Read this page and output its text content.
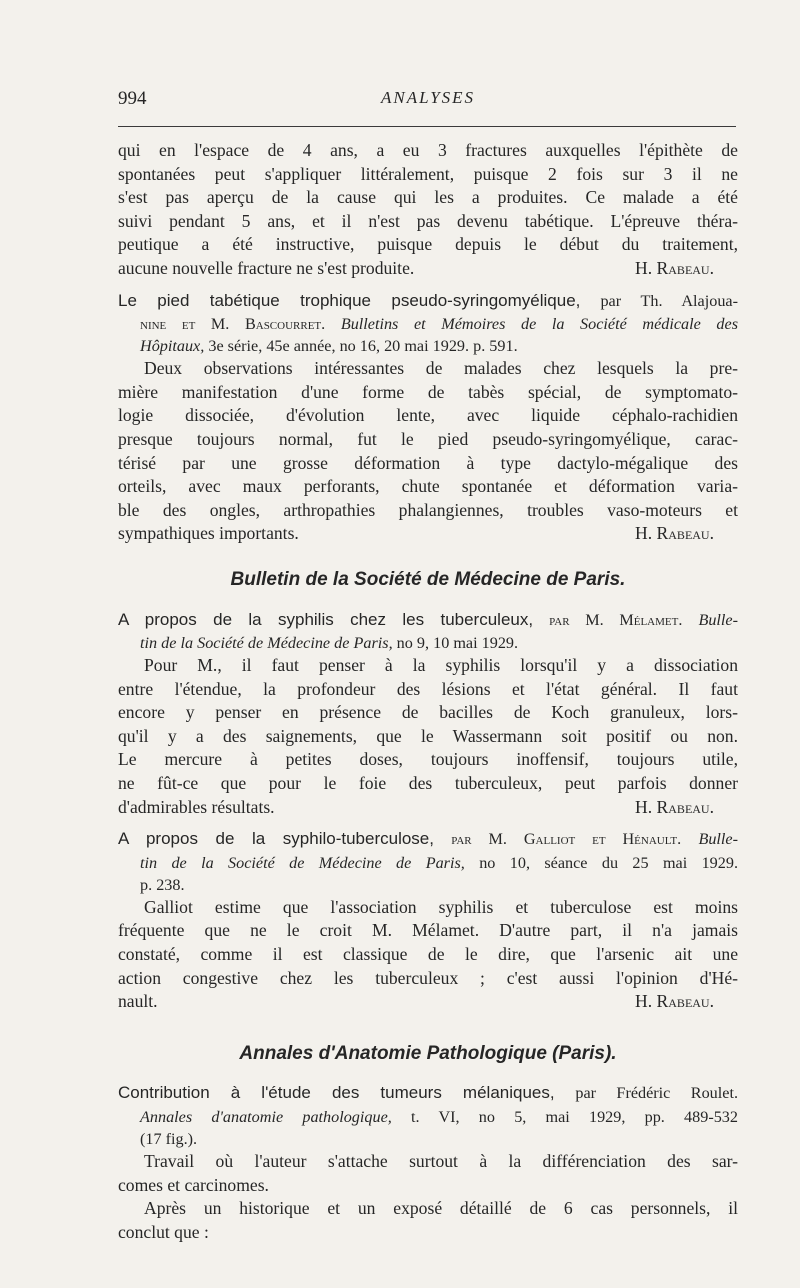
994	ANALYSES

qui en l'espace de 4 ans, a eu 3 fractures auxquelles l'épithète de

spontanées peut s'appliquer littéralement, puisque 2 fois sur 3 il ne

s'est pas aperçu de la cause qui les a produites. Ce malade a été

suivi pendant 5 ans, et il n'est pas devenu tabétique. L'épreuve théra-

peutique a été instructive, puisque depuis le début du traitement,

aucune nouvelle fracture ne s'est produite.	H. Rabeau.

Le pied tabétique trophique pseudo-syringomyélique, par Th. Alajoua-

nine et M. Bascourret. Bulletins et Mémoires de la Société médicale des

Hôpitaux, 3e série, 45e année, no 16, 20 mai 1929. p. 591.

Deux observations intéressantes de malades chez lesquels la pre-

mière manifestation d'une forme de tabès spécial, de symptomato-

logie dissociée, d'évolution lente, avec liquide céphalo-rachidien

presque toujours normal, fut le pied pseudo-syringomyélique, carac-

térisé par une grosse déformation à type dactylo-mégalique des

orteils, avec maux perforants, chute spontanée et déformation varia-

ble des ongles, arthropathies phalangiennes, troubles vaso-moteurs et

sympathiques importants.	H. Rabeau.

Bulletin de la Société de Médecine de Paris.

A propos de la syphilis chez les tuberculeux, par M. Mélamet. Bulle-

tin de la Société de Médecine de Paris, no 9, 10 mai 1929.

Pour M., il faut penser à la syphilis lorsqu'il y a dissociation

entre l'étendue, la profondeur des lésions et l'état général. Il faut

encore y penser en présence de bacilles de Koch granuleux, lors-

qu'il y a des saignements, que le Wassermann soit positif ou non.

Le mercure à petites doses, toujours inoffensif, toujours utile,

ne fût-ce que pour le foie des tuberculeux, peut parfois donner

d'admirables résultats.	H. Rabeau.

A propos de la syphilo-tuberculose, par M. Galliot et Hénault. Bulle-

tin de la Société de Médecine de Paris, no 10, séance du 25 mai 1929.

p. 238.

Galliot estime que l'association syphilis et tuberculose est moins

fréquente que ne le croit M. Mélamet. D'autre part, il n'a jamais

constaté, comme il est classique de le dire, que l'arsenic ait une

action congestive chez les tuberculeux ; c'est aussi l'opinion d'Hé-

nault.	H. Rabeau.

Annales d'Anatomie Pathologique (Paris).

Contribution à l'étude des tumeurs mélaniques, par Frédéric Roulet.

Annales d'anatomie pathologique, t. VI, no 5, mai 1929, pp. 489-532

(17 fig.).

Travail où l'auteur s'attache surtout à la différenciation des sar-

comes et carcinomes.

Après un historique et un exposé détaillé de 6 cas personnels, il

conclut que :
